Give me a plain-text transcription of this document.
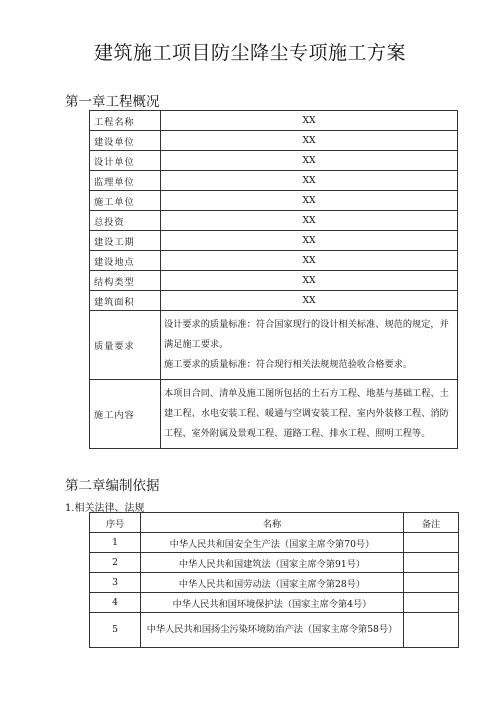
建筑施工项目防尘降尘专项施工方案
第一章工程概况
工程名称	XX
建设单位	XX
设计单位	XX
监理单位	XX
施工单位	XX
总投资	XX
建设工期	XX
建设地点	XX
结构类型	XX
建筑面积	XX
质量要求	设计要求的质量标准：符合国家现行的设计相关标准、规范的规定，并满足施工要求。
施工要求的质量标准：符合现行相关法规规范验收合格要求。

施工内容	本项目合同、清单及施工图所包括的土石方工程、地基与基础工程、土建工程、水电安装工程、暖通与空调安装工程、室内外装修工程、消防工程、室外附属及景观工程、道路工程、排水工程、照明工程等。
第二章编制依据
1.相关法律、法规
序号	名称	备注
1	中华人民共和国安全生产法（国家主席令第70号）	
2	中华人民共和国建筑法（国家主席令第91号）	
3	中华人民共和国劳动法（国家主席令第28号）	
4	中华人民共和国环境保护法（国家主席令第4号）	
5	中华人民共和国扬尘污染环境防治产法（国家主席令第58号）	
